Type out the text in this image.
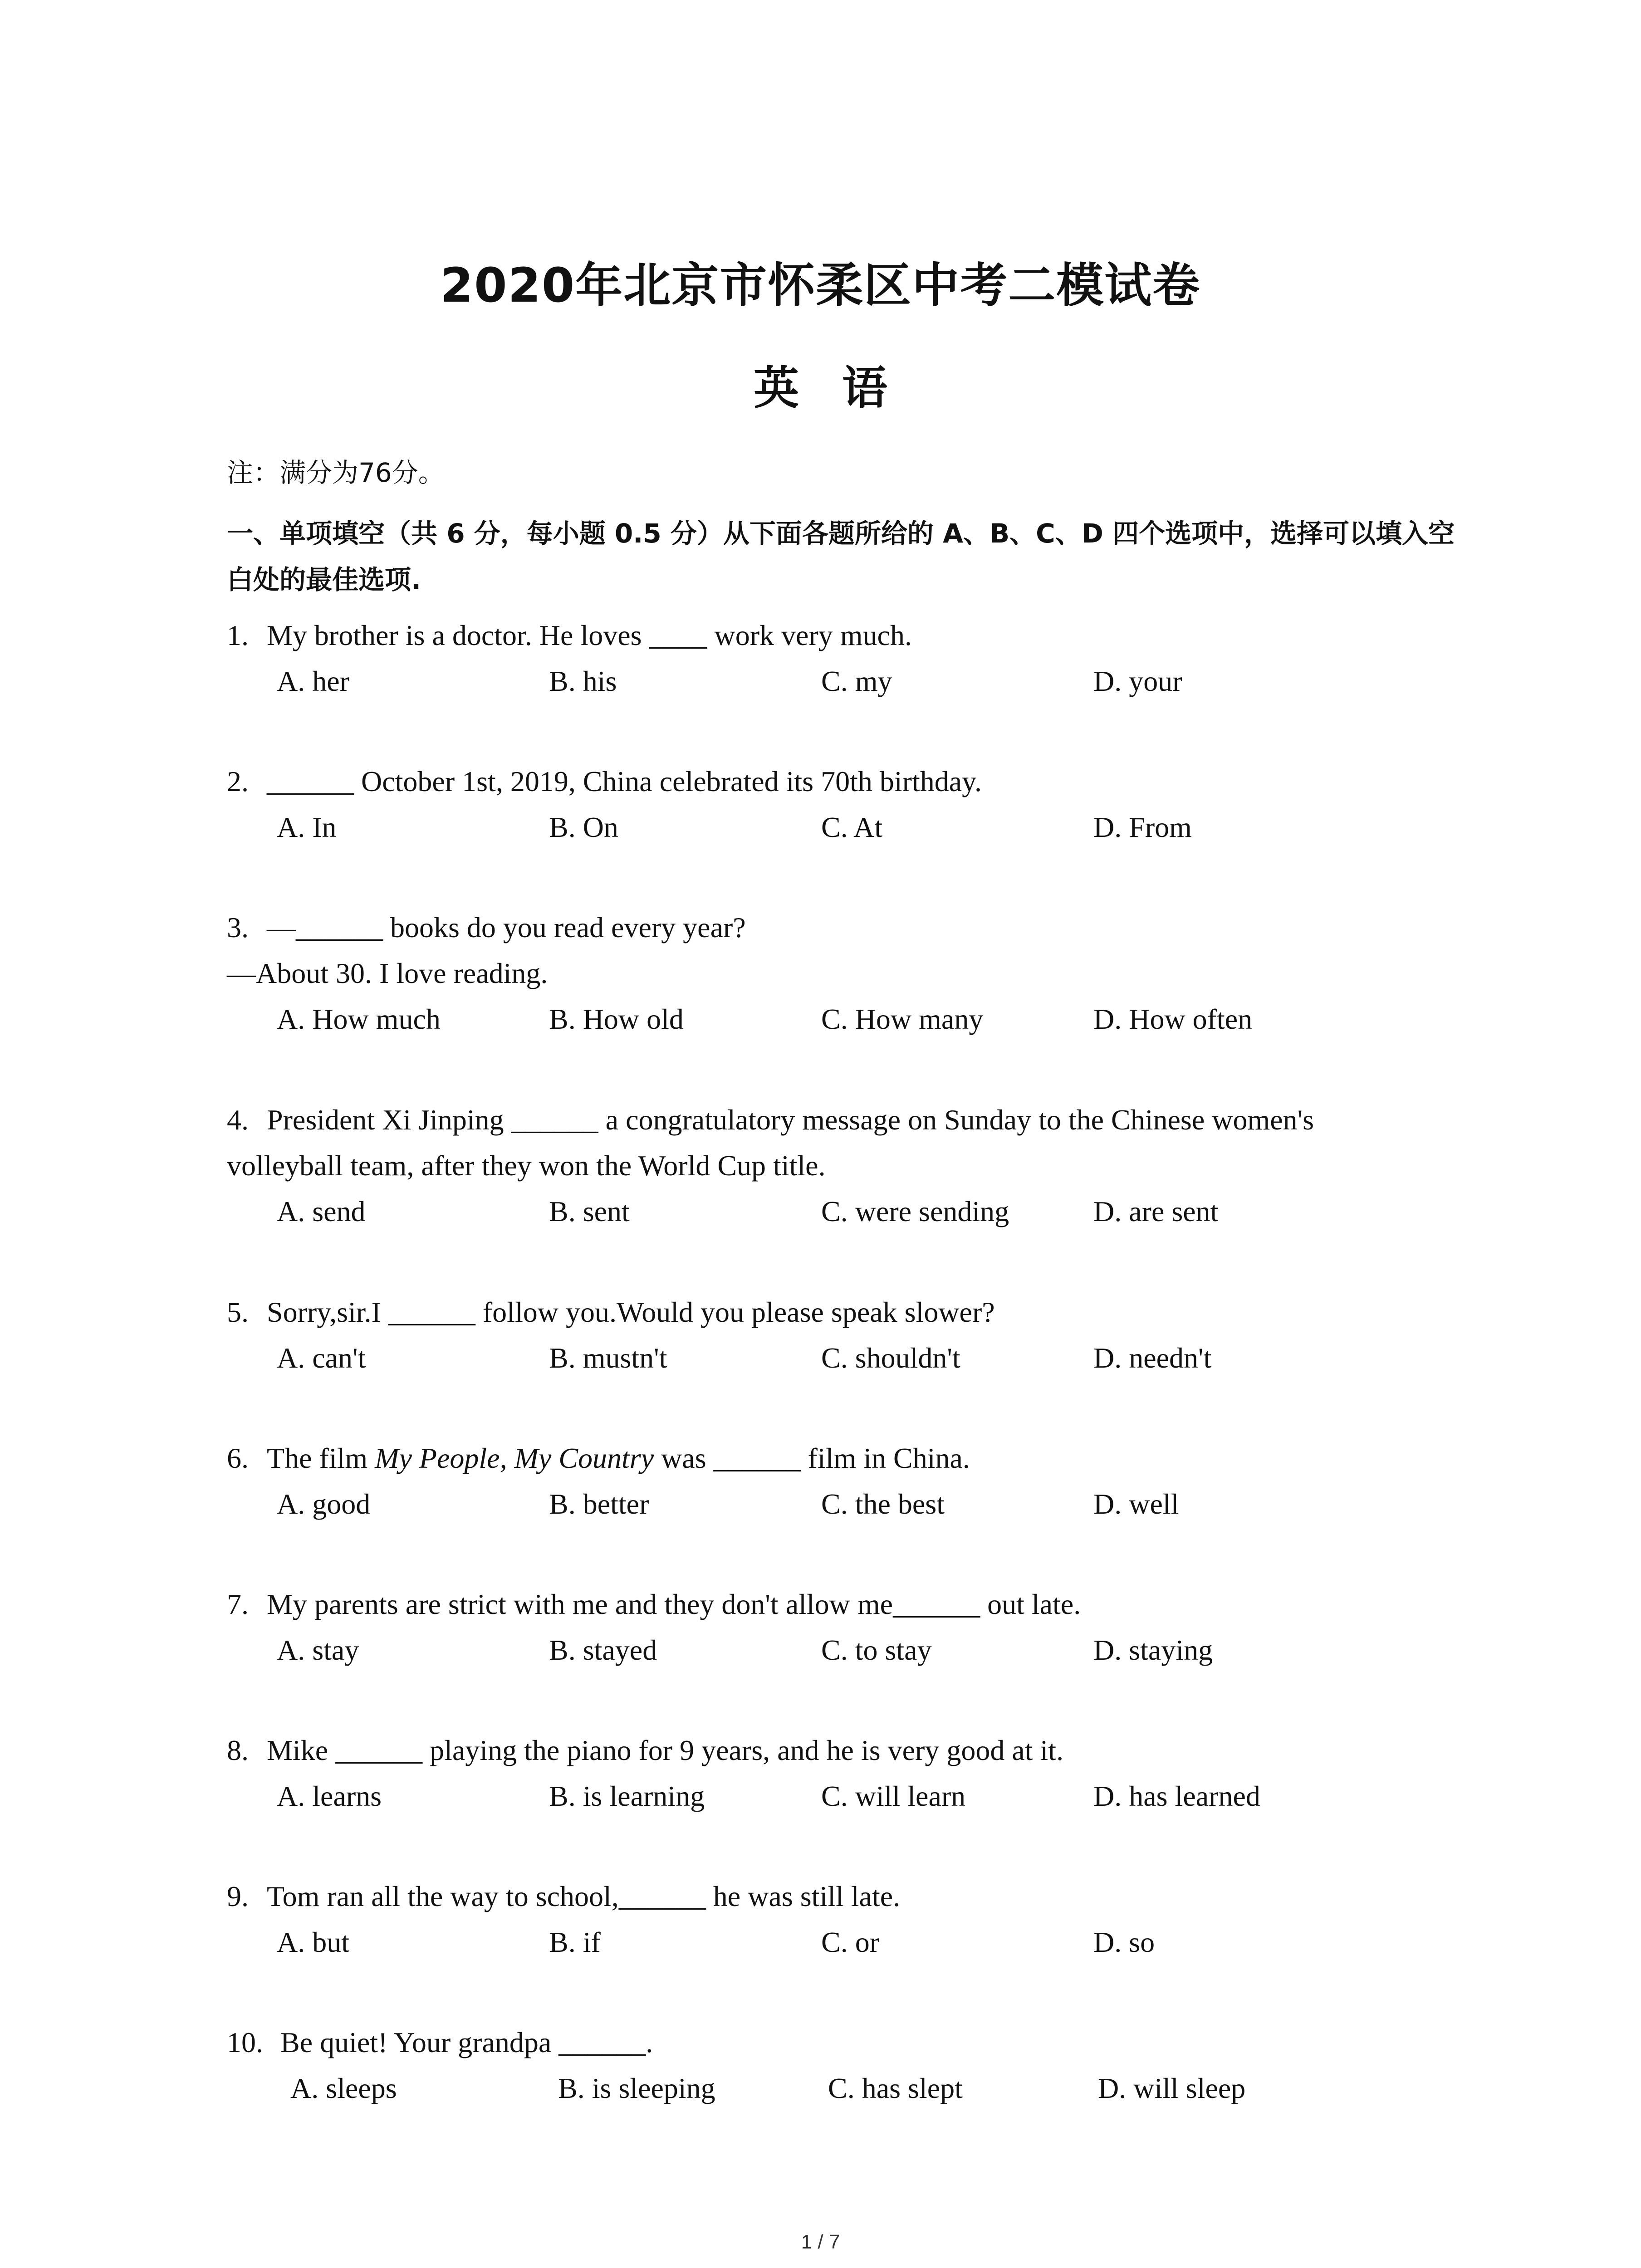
2020年北京市怀柔区中考二模试卷
英 语
注：满分为76分。
一、单项填空（共 6 分，每小题 0.5 分）从下面各题所给的 A、B、C、D 四个选项中，选择可以填入空白处的最佳选项.
1. My brother is a doctor. He loves ____ work very much.
A. her	B. his	C. my	D. your
2. ______ October 1st, 2019, China celebrated its 70th birthday.
A. In	B. On	C. At	D. From
3. —______ books do you read every year?
—About 30. I love reading.
A. How much	B. How old	C. How many	D. How often
4. President Xi Jinping ______ a congratulatory message on Sunday to the Chinese women's
volleyball team, after they won the World Cup title.
A. send	B. sent	C. were sending	D. are sent
5. Sorry,sir.I ______ follow you.Would you please speak slower?
A. can't	B. mustn't	C. shouldn't	D. needn't
6. The film My People, My Country was ______ film in China.
A. good	B. better	C. the best	D. well
7. My parents are strict with me and they don't allow me______ out late.
A. stay	B. stayed	C. to stay	D. staying
8. Mike ______ playing the piano for 9 years, and he is very good at it.
A. learns	B. is learning	C. will learn	D. has learned
9. Tom ran all the way to school,______ he was still late.
A. but	B. if	C. or	D. so
10. Be quiet! Your grandpa ______.
A. sleeps	B. is sleeping	C. has slept	D. will sleep
1 / 7
